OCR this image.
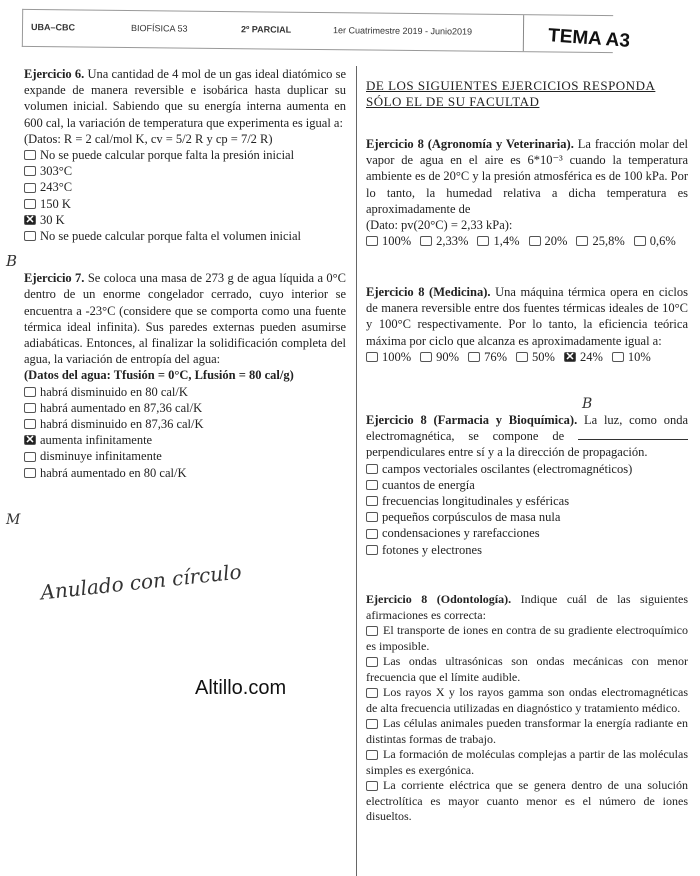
UBA–CBC	BIOFÍSICA 53	2º PARCIAL	1er Cuatrimestre 2019 - Junio2019	TEMA A3

Ejercicio 6. Una cantidad de 4 mol de un gas ideal diatómico se expande de manera reversible e isobárica hasta duplicar su volumen inicial. Sabiendo que su energía interna aumenta en 600 cal, la variación de temperatura que experimenta es igual a:

(Datos: R = 2 cal/mol K, cv = 5/2 R y cp = 7/2 R)

No se puede calcular porque falta la presión inicial
303°C
243°C
150 K
✕ 30 K
No se puede calcular porque falta el volumen inicial

Ejercicio 7. Se coloca una masa de 273 g de agua líquida a 0°C dentro de un enorme congelador cerrado, cuyo interior se encuentra a -23°C (considere que se comporta como una fuente térmica ideal infinita). Sus paredes externas pueden asumirse adiabáticas. Entonces, al finalizar la solidificación completa del agua, la variación de entropía del agua:

(Datos del agua: Tfusión = 0°C, Lfusión = 80 cal/g)

habrá disminuido en 80 cal/K
habrá aumentado en 87,36 cal/K
habrá disminuido en 87,36 cal/K
✕ aumenta infinitamente
disminuye infinitamente
habrá aumentado en 80 cal/K
B
M
Anulado con círculo
DE LOS SIGUIENTES EJERCICIOS RESPONDA SÓLO EL DE SU FACULTAD

Ejercicio 8 (Agronomía y Veterinaria). La fracción molar del vapor de agua en el aire es 6*10⁻³ cuando la temperatura ambiente es de 20°C y la presión atmosférica es de 100 kPa. Por lo tanto, la humedad relativa a dicha temperatura es aproximadamente de

(Dato: pv(20°C) = 2,33 kPa):

100% 2,33% 1,4% 20% 25,8% 0,6%

Ejercicio 8 (Medicina). Una máquina térmica opera en ciclos de manera reversible entre dos fuentes térmicas ideales de 10°C y 100°C respectivamente. Por lo tanto, la eficiencia teórica máxima por ciclo que alcanza es aproximadamente igual a:

100% 90% 76% 50% ✕ 24% 10%
B

Ejercicio 8 (Farmacia y Bioquímica). La luz, como onda electromagnética, se compone de  perpendiculares entre sí y a la dirección de propagación.

campos vectoriales oscilantes (electromagnéticos)
cuantos de energía
frecuencias longitudinales y esféricas
pequeños corpúsculos de masa nula
condensaciones y rarefacciones
fotones y electrones

Ejercicio 8 (Odontología). Indique cuál de las siguientes afirmaciones es correcta:

El transporte de iones en contra de su gradiente electroquímico es imposible.

Las ondas ultrasónicas son ondas mecánicas con menor frecuencia que el límite audible.

Los rayos X y los rayos gamma son ondas electromagnéticas de alta frecuencia utilizadas en diagnóstico y tratamiento médico.

Las células animales pueden transformar la energía radiante en distintas formas de trabajo.

La formación de moléculas complejas a partir de las moléculas simples es exergónica.

La corriente eléctrica que se genera dentro de una solución electrolítica es mayor cuanto menor es el número de iones disueltos.

Altillo.com
